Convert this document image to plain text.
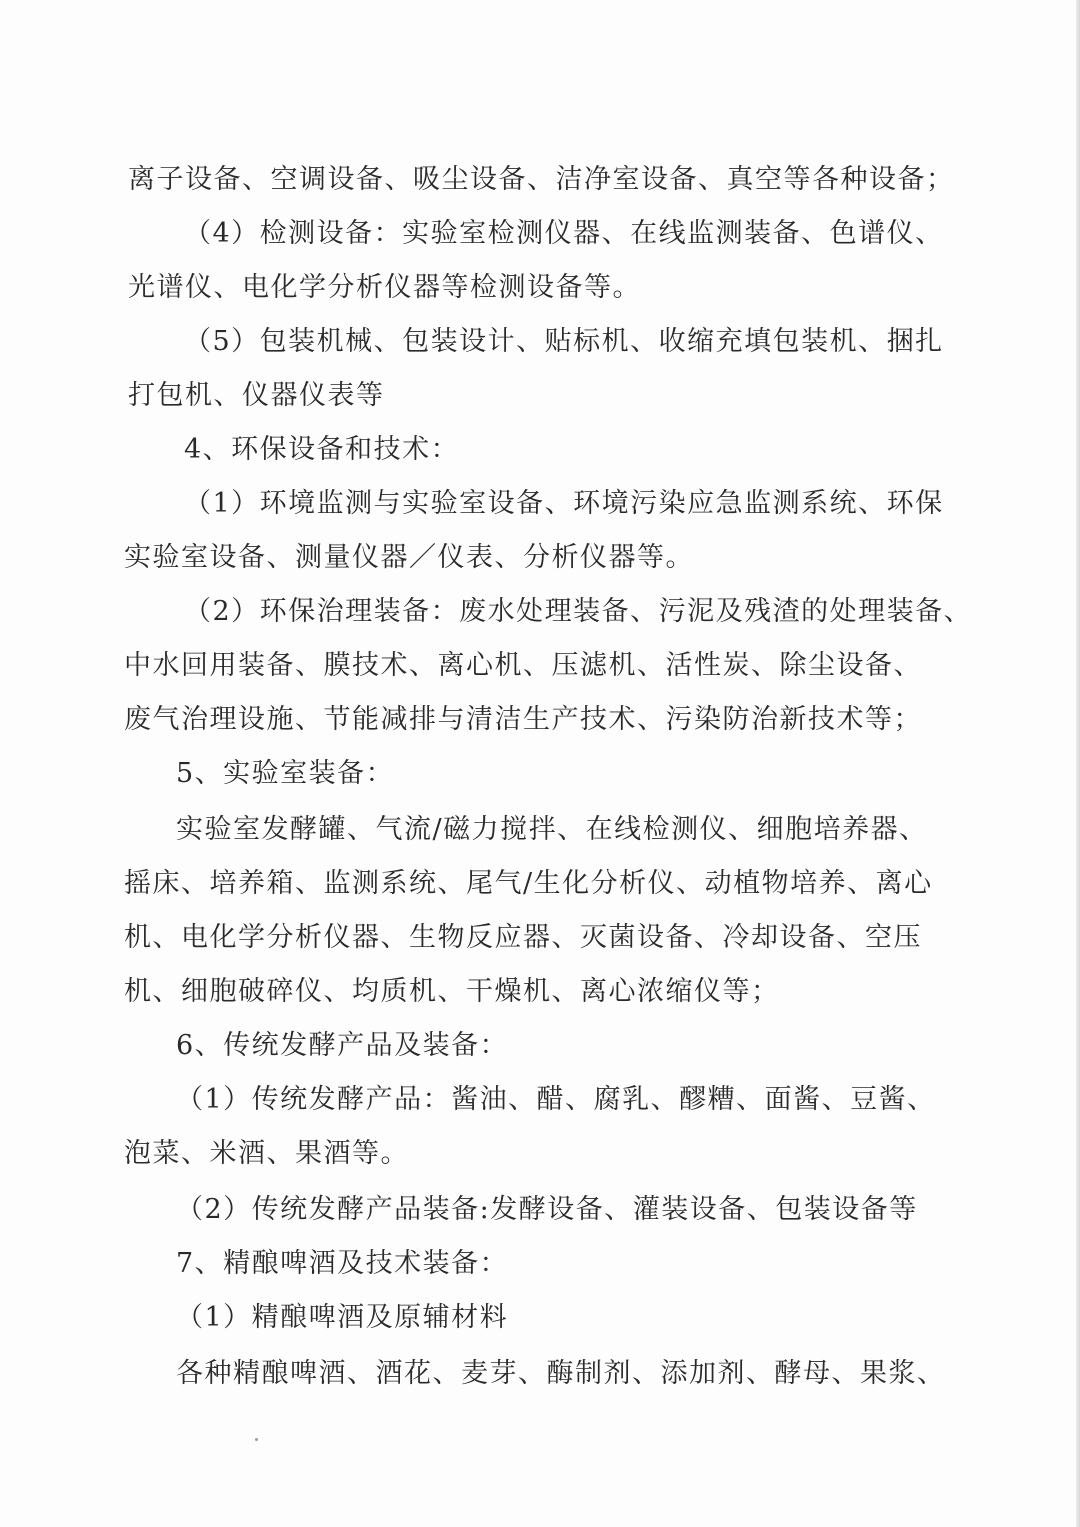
离子设备、空调设备、吸尘设备、洁净室设备、真空等各种设备；
（4）检测设备：实验室检测仪器、在线监测装备、色谱仪、
光谱仪、电化学分析仪器等检测设备等。
（5）包装机械、包装设计、贴标机、收缩充填包装机、捆扎
打包机、仪器仪表等
4、环保设备和技术：
（1）环境监测与实验室设备、环境污染应急监测系统、环保
实验室设备、测量仪器／仪表、分析仪器等。
（2）环保治理装备：废水处理装备、污泥及残渣的处理装备、
中水回用装备、膜技术、离心机、压滤机、活性炭、除尘设备、
废气治理设施、节能减排与清洁生产技术、污染防治新技术等；
5、实验室装备：
实验室发酵罐、气流/磁力搅拌、在线检测仪、细胞培养器、
摇床、培养箱、监测系统、尾气/生化分析仪、动植物培养、离心
机、电化学分析仪器、生物反应器、灭菌设备、冷却设备、空压
机、细胞破碎仪、均质机、干燥机、离心浓缩仪等；
6、传统发酵产品及装备：
（1）传统发酵产品：酱油、醋、腐乳、醪糟、面酱、豆酱、
泡菜、米酒、果酒等。
（2）传统发酵产品装备:发酵设备、灌装设备、包装设备等
7、精酿啤酒及技术装备：
（1）精酿啤酒及原辅材料
各种精酿啤酒、酒花、麦芽、酶制剂、添加剂、酵母、果浆、
